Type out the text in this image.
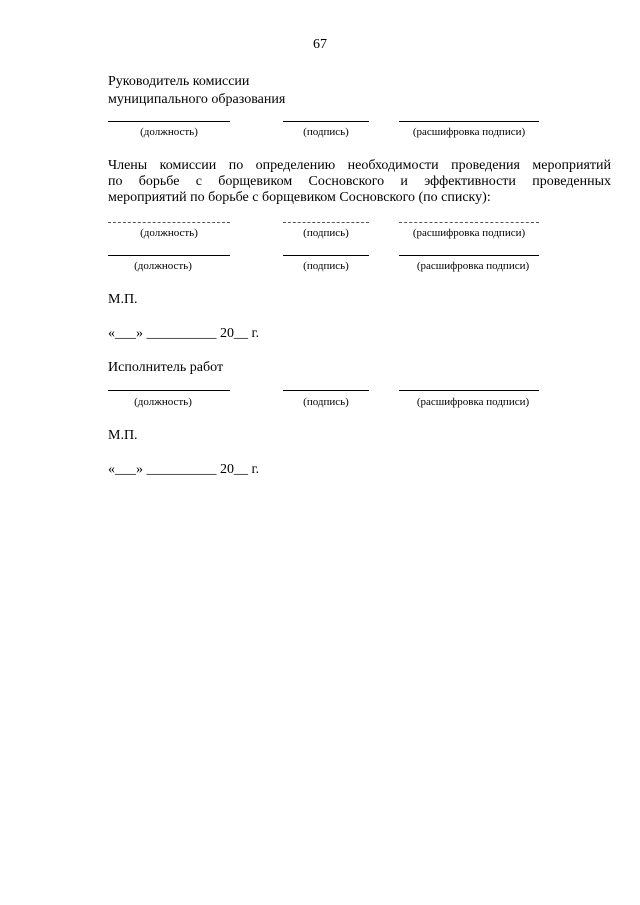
67
Руководитель комиссии
муниципального образования
(должность)	(подпись)	(расшифровка подписи)
Члены комиссии по определению необходимости проведения мероприятий
по борьбе с борщевиком Сосновского и эффективности проведенных
мероприятий по борьбе с борщевиком Сосновского (по списку):
(должность)	(подпись)	(расшифровка подписи)
(должность)	(подпись)	(расшифровка подписи)
М.П.
«___» __________ 20__ г.
Исполнитель работ
(должность)	(подпись)	(расшифровка подписи)
М.П.
«___» __________ 20__ г.
